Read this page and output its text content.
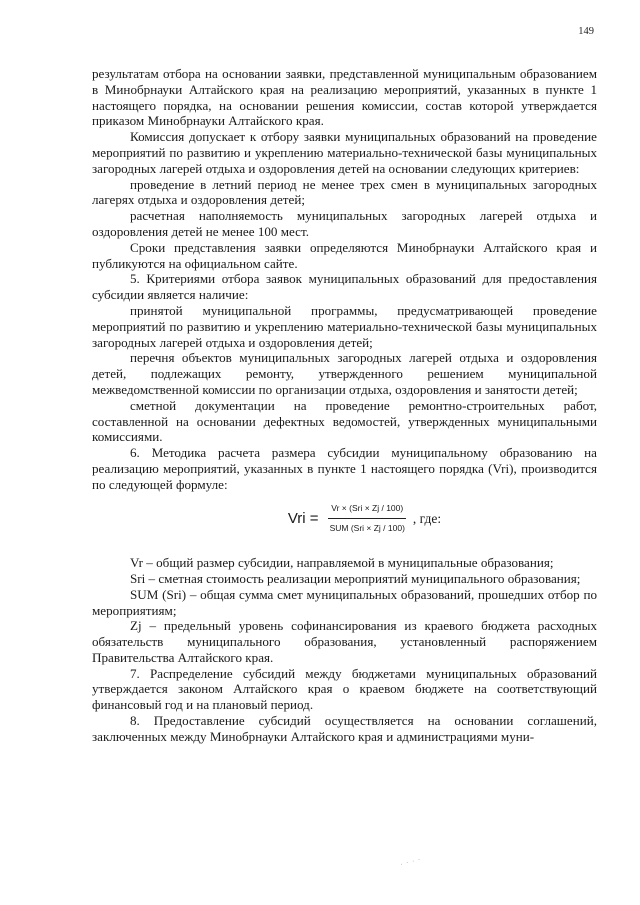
149

результатам отбора на основании заявки, представленной муниципальным образованием в Минобрнауки Алтайского края на реализацию мероприятий, указанных в пункте 1 настоящего порядка, на основании решения комиссии, состав которой утверждается приказом Минобрнауки Алтайского края.

Комиссия допускает к отбору заявки муниципальных образований на проведение мероприятий по развитию и укреплению материально-технической базы муниципальных загородных лагерей отдыха и оздоровления детей на основании следующих критериев:

проведение в летний период не менее трех смен в муниципальных загородных лагерях отдыха и оздоровления детей;

расчетная наполняемость муниципальных загородных лагерей отдыха и оздоровления детей не менее 100 мест.

Сроки представления заявки определяются Минобрнауки Алтайского края и публикуются на официальном сайте.

5. Критериями отбора заявок муниципальных образований для предоставления субсидии является наличие:

принятой муниципальной программы, предусматривающей проведение мероприятий по развитию и укреплению материально-технической базы муниципальных загородных лагерей отдыха и оздоровления детей;

перечня объектов муниципальных загородных лагерей отдыха и оздоровления детей, подлежащих ремонту, утвержденного решением муниципальной межведомственной комиссии по организации отдыха, оздоровления и занятости детей;

сметной документации на проведение ремонтно-строительных работ, составленной на основании дефектных ведомостей, утвержденных муниципальными комиссиями.

6. Методика расчета размера субсидии муниципальному образованию на реализацию мероприятий, указанных в пункте 1 настоящего порядка (Vri), производится по следующей формуле:

Vri = $\frac{\text{Vr × (Sri × Zj / 100)}}{\text{SUM (Sri × Zj / 100)}}$ , где:

Vr – общий размер субсидии, направляемой в муниципальные образования;

Sri – сметная стоимость реализации мероприятий муниципального образования;

SUM (Sri) – общая сумма смет муниципальных образований, прошедших отбор по мероприятиям;

Zj – предельный уровень софинансирования из краевого бюджета расходных обязательств муниципального образования, установленный распоряжением Правительства Алтайского края.

7. Распределение субсидий между бюджетами муниципальных образований утверждается законом Алтайского края о краевом бюджете на соответствующий финансовый год и на плановый период.

8. Предоставление субсидий осуществляется на основании соглашений, заключенных между Минобрнауки Алтайского края и администрациями муни-

· · · ·
